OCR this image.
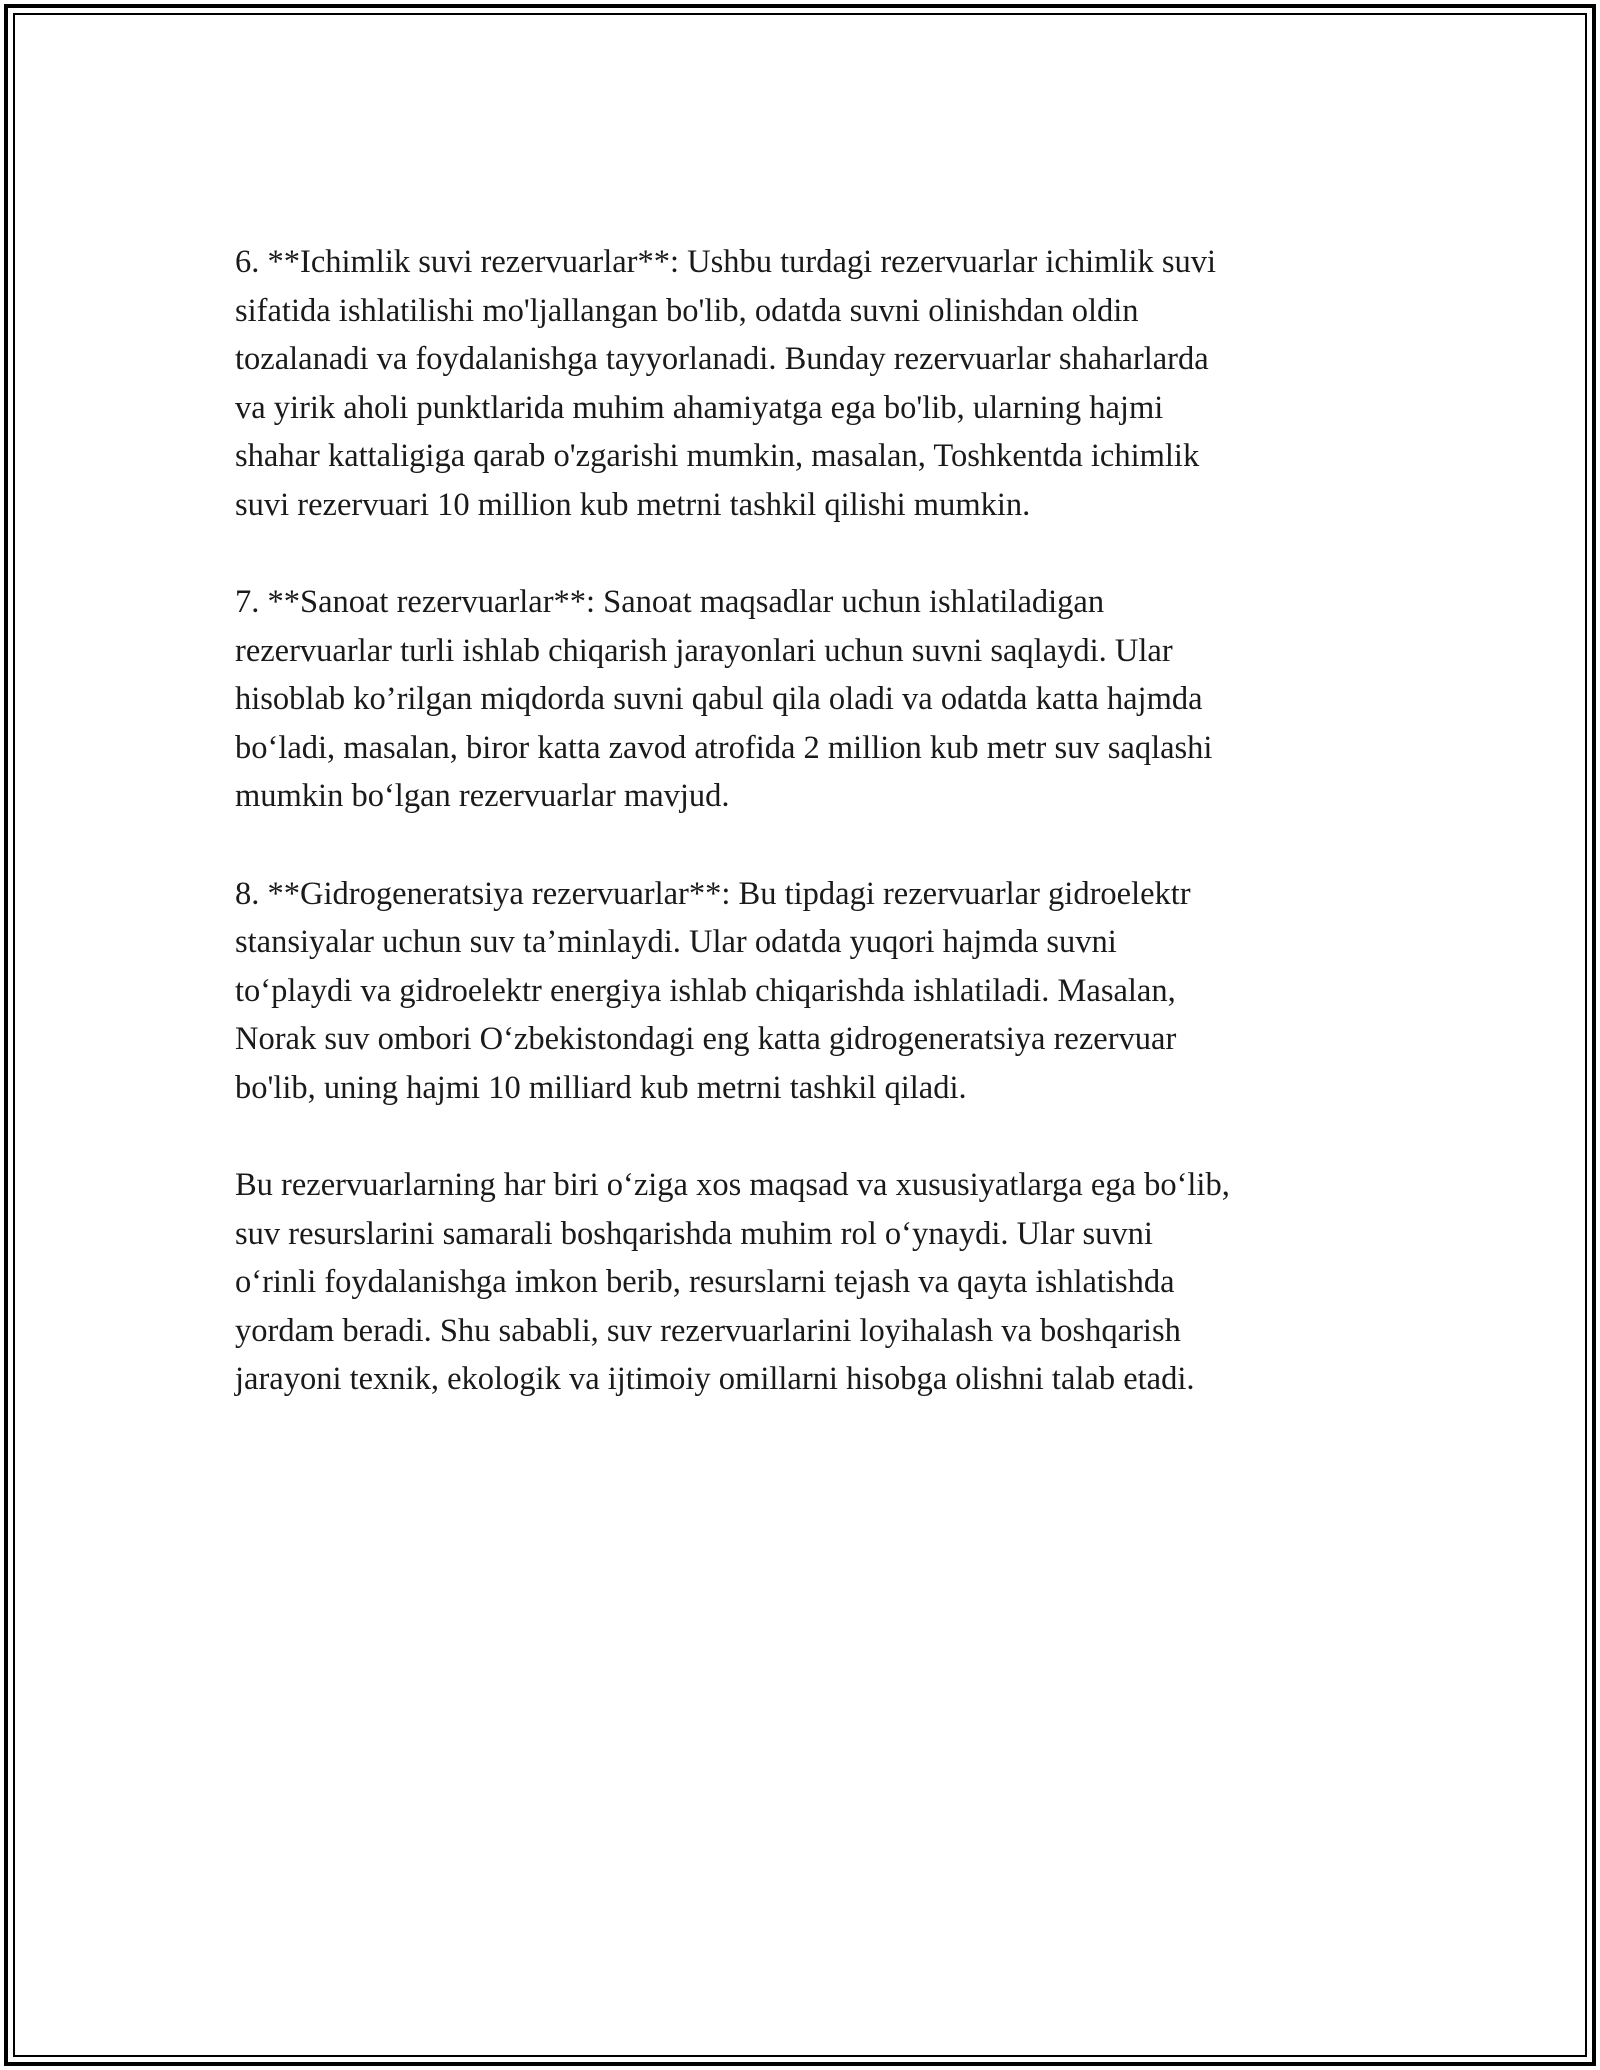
6. **Ichimlik suvi rezervuarlar**: Ushbu turdagi rezervuarlar ichimlik suvi
sifatida ishlatilishi mo'ljallangan bo'lib, odatda suvni olinishdan oldin
tozalanadi va foydalanishga tayyorlanadi. Bunday rezervuarlar shaharlarda
va yirik aholi punktlarida muhim ahamiyatga ega bo'lib, ularning hajmi
shahar kattaligiga qarab o'zgarishi mumkin, masalan, Toshkentda ichimlik
suvi rezervuari 10 million kub metrni tashkil qilishi mumkin.

7. **Sanoat rezervuarlar**: Sanoat maqsadlar uchun ishlatiladigan
rezervuarlar turli ishlab chiqarish jarayonlari uchun suvni saqlaydi. Ular
hisoblab ko’rilgan miqdorda suvni qabul qila oladi va odatda katta hajmda
bo‘ladi, masalan, biror katta zavod atrofida 2 million kub metr suv saqlashi
mumkin bo‘lgan rezervuarlar mavjud.

8. **Gidrogeneratsiya rezervuarlar**: Bu tipdagi rezervuarlar gidroelektr
stansiyalar uchun suv ta’minlaydi. Ular odatda yuqori hajmda suvni
to‘playdi va gidroelektr energiya ishlab chiqarishda ishlatiladi. Masalan,
Norak suv ombori O‘zbekistondagi eng katta gidrogeneratsiya rezervuar
bo'lib, uning hajmi 10 milliard kub metrni tashkil qiladi.

Bu rezervuarlarning har biri o‘ziga xos maqsad va xususiyatlarga ega bo‘lib,
suv resurslarini samarali boshqarishda muhim rol o‘ynaydi. Ular suvni
o‘rinli foydalanishga imkon berib, resurslarni tejash va qayta ishlatishda
yordam beradi. Shu sababli, suv rezervuarlarini loyihalash va boshqarish
jarayoni texnik, ekologik va ijtimoiy omillarni hisobga olishni talab etadi.
